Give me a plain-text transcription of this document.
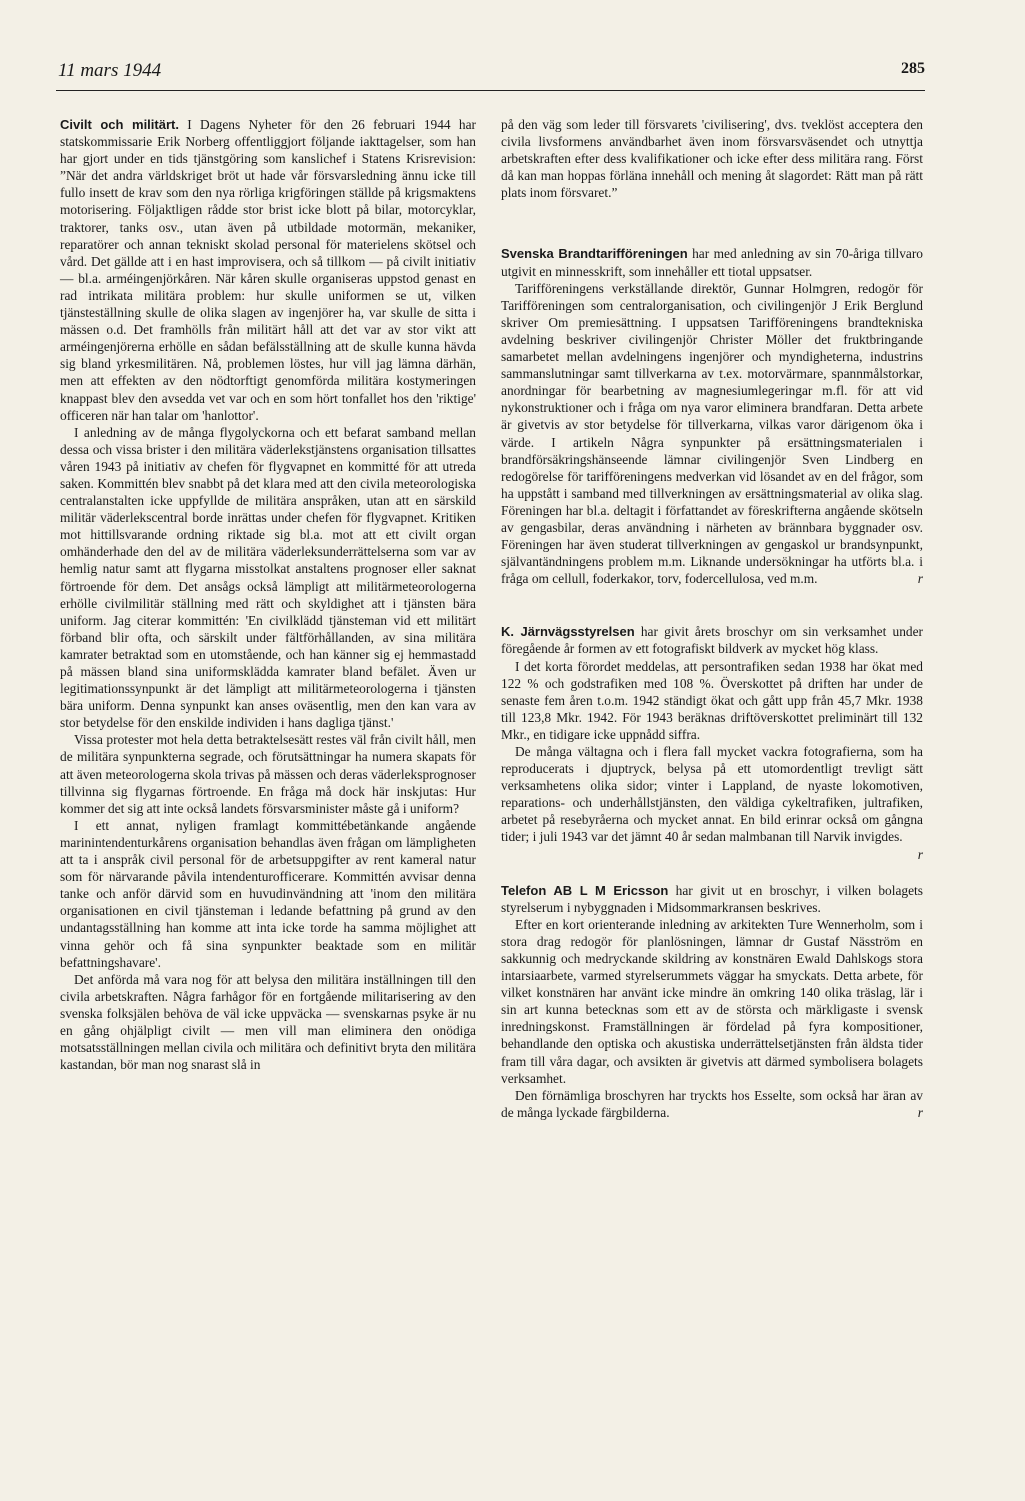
11 mars 1944	285

Civilt och militärt. I Dagens Nyheter för den 26 februari 1944 har statskommissarie Erik Norberg offentliggjort följande iakttagelser, som han har gjort under en tids tjänstgöring som kanslichef i Statens Krisrevision: ”När det andra världskriget bröt ut hade vår försvarsledning ännu icke till fullo insett de krav som den nya rörliga krigföringen ställde på krigsmaktens motorisering. Följaktligen rådde stor brist icke blott på bilar, motorcyklar, traktorer, tanks osv., utan även på utbildade motormän, mekaniker, reparatörer och annan tekniskt skolad personal för materielens skötsel och vård. Det gällde att i en hast improvisera, och så tillkom — på civilt initiativ — bl.a. arméingenjörkåren. När kåren skulle organiseras uppstod genast en rad intrikata militära problem: hur skulle uniformen se ut, vilken tjänsteställning skulle de olika slagen av ingenjörer ha, var skulle de sitta i mässen o.d. Det framhölls från militärt håll att det var av stor vikt att arméingenjörerna erhölle en sådan befälsställning att de skulle kunna hävda sig bland yrkesmilitären. Nå, problemen löstes, hur vill jag lämna därhän, men att effekten av den nödtorftigt genomförda militära kostymeringen knappast blev den avsedda vet var och en som hört tonfallet hos den 'riktige' officeren när han talar om 'hanlottor'.

I anledning av de många flygolyckorna och ett befarat samband mellan dessa och vissa brister i den militära väderlekstjänstens organisation tillsattes våren 1943 på initiativ av chefen för flygvapnet en kommitté för att utreda saken. Kommittén blev snabbt på det klara med att den civila meteorologiska centralanstalten icke uppfyllde de militära anspråken, utan att en särskild militär väderlekscentral borde inrättas under chefen för flygvapnet. Kritiken mot hittillsvarande ordning riktade sig bl.a. mot att ett civilt organ omhänderhade den del av de militära väderleksunderrättelserna som var av hemlig natur samt att flygarna misstolkat anstaltens prognoser eller saknat förtroende för dem. Det ansågs också lämpligt att militärmeteorologerna erhölle civilmilitär ställning med rätt och skyldighet att i tjänsten bära uniform. Jag citerar kommittén: 'En civilklädd tjänsteman vid ett militärt förband blir ofta, och särskilt under fältförhållanden, av sina militära kamrater betraktad som en utomstående, och han känner sig ej hemmastadd på mässen bland sina uniformsklädda kamrater bland befälet. Även ur legitimationssynpunkt är det lämpligt att militärmeteorologerna i tjänsten bära uniform. Denna synpunkt kan anses oväsentlig, men den kan vara av stor betydelse för den enskilde individen i hans dagliga tjänst.'

Vissa protester mot hela detta betraktelsesätt restes väl från civilt håll, men de militära synpunkterna segrade, och förutsättningar ha numera skapats för att även meteorologerna skola trivas på mässen och deras väderleksprognoser tillvinna sig flygarnas förtroende. En fråga må dock här inskjutas: Hur kommer det sig att inte också landets försvarsminister måste gå i uniform?

I ett annat, nyligen framlagt kommittébetänkande angående marinintendenturkårens organisation behandlas även frågan om lämpligheten att ta i anspråk civil personal för de arbetsuppgifter av rent kameral natur som för närvarande påvila intendenturofficerare. Kommittén avvisar denna tanke och anför därvid som en huvudinvändning att 'inom den militära organisationen en civil tjänsteman i ledande befattning på grund av den undantagsställning han komme att inta icke torde ha samma möjlighet att vinna gehör och få sina synpunkter beaktade som en militär befattningshavare'.

Det anförda må vara nog för att belysa den militära inställningen till den civila arbetskraften. Några farhågor för en fortgående militarisering av den svenska folksjälen behöva de väl icke uppväcka — svenskarnas psyke är nu en gång ohjälpligt civilt — men vill man eliminera den onödiga motsatsställningen mellan civila och militära och definitivt bryta den militära kastandan, bör man nog snarast slå in

på den väg som leder till försvarets 'civilisering', dvs. tveklöst acceptera den civila livsformens användbarhet även inom försvarsväsendet och utnyttja arbetskraften efter dess kvalifikationer och icke efter dess militära rang. Först då kan man hoppas förläna innehåll och mening åt slagordet: Rätt man på rätt plats inom försvaret.”

Svenska Brandtarifföreningen har med anledning av sin 70-åriga tillvaro utgivit en minnesskrift, som innehåller ett tiotal uppsatser.

Tarifföreningens verkställande direktör, Gunnar Holmgren, redogör för Tarifföreningen som centralorganisation, och civilingenjör J Erik Berglund skriver Om premiesättning. I uppsatsen Tarifföreningens brandtekniska avdelning beskriver civilingenjör Christer Möller det fruktbringande samarbetet mellan avdelningens ingenjörer och myndigheterna, industrins sammanslutningar samt tillverkarna av t.ex. motorvärmare, spannmålstorkar, anordningar för bearbetning av magnesiumlegeringar m.fl. för att vid nykonstruktioner och i fråga om nya varor eliminera brandfaran. Detta arbete är givetvis av stor betydelse för tillverkarna, vilkas varor därigenom öka i värde. I artikeln Några synpunkter på ersättningsmaterialen i brandförsäkringshänseende lämnar civilingenjör Sven Lindberg en redogörelse för tarifföreningens medverkan vid lösandet av en del frågor, som ha uppstått i samband med tillverkningen av ersättningsmaterial av olika slag. Föreningen har bl.a. deltagit i författandet av föreskrifterna angående skötseln av gengasbilar, deras användning i närheten av brännbara byggnader osv. Föreningen har även studerat tillverkningen av gengaskol ur brandsynpunkt, självantändningens problem m.m. Liknande undersökningar ha utförts bl.a. i fråga om cellull, foderkakor, torv, fodercellulosa, ved m.m.	r

K. Järnvägsstyrelsen har givit årets broschyr om sin verksamhet under föregående år formen av ett fotografiskt bildverk av mycket hög klass.

I det korta förordet meddelas, att persontrafiken sedan 1938 har ökat med 122 % och godstrafiken med 108 %. Överskottet på driften har under de senaste fem åren t.o.m. 1942 ständigt ökat och gått upp från 45,7 Mkr. 1938 till 123,8 Mkr. 1942. För 1943 beräknas driftöverskottet preliminärt till 132 Mkr., en tidigare icke uppnådd siffra.

De många vältagna och i flera fall mycket vackra fotografierna, som ha reproducerats i djuptryck, belysa på ett utomordentligt trevligt sätt verksamhetens olika sidor; vinter i Lappland, de nyaste lokomotiven, reparations- och underhållstjänsten, den väldiga cykeltrafiken, jultrafiken, arbetet på resebyråerna och mycket annat. En bild erinrar också om gångna tider; i juli 1943 var det jämnt 40 år sedan malmbanan till Narvik invigdes.
r

Telefon AB L M Ericsson har givit ut en broschyr, i vilken bolagets styrelserum i nybyggnaden i Midsommarkransen beskrives.

Efter en kort orienterande inledning av arkitekten Ture Wennerholm, som i stora drag redogör för planlösningen, lämnar dr Gustaf Näsström en sakkunnig och medryckande skildring av konstnären Ewald Dahlskogs stora intarsiaarbete, varmed styrelserummets väggar ha smyckats. Detta arbete, för vilket konstnären har använt icke mindre än omkring 140 olika träslag, lär i sin art kunna betecknas som ett av de största och märkligaste i svensk inredningskonst. Framställningen är fördelad på fyra kompositioner, behandlande den optiska och akustiska underrättelsetjänsten från äldsta tider fram till våra dagar, och avsikten är givetvis att därmed symbolisera bolagets verksamhet.

Den förnämliga broschyren har tryckts hos Esselte, som också har äran av de många lyckade färgbilderna.	r
